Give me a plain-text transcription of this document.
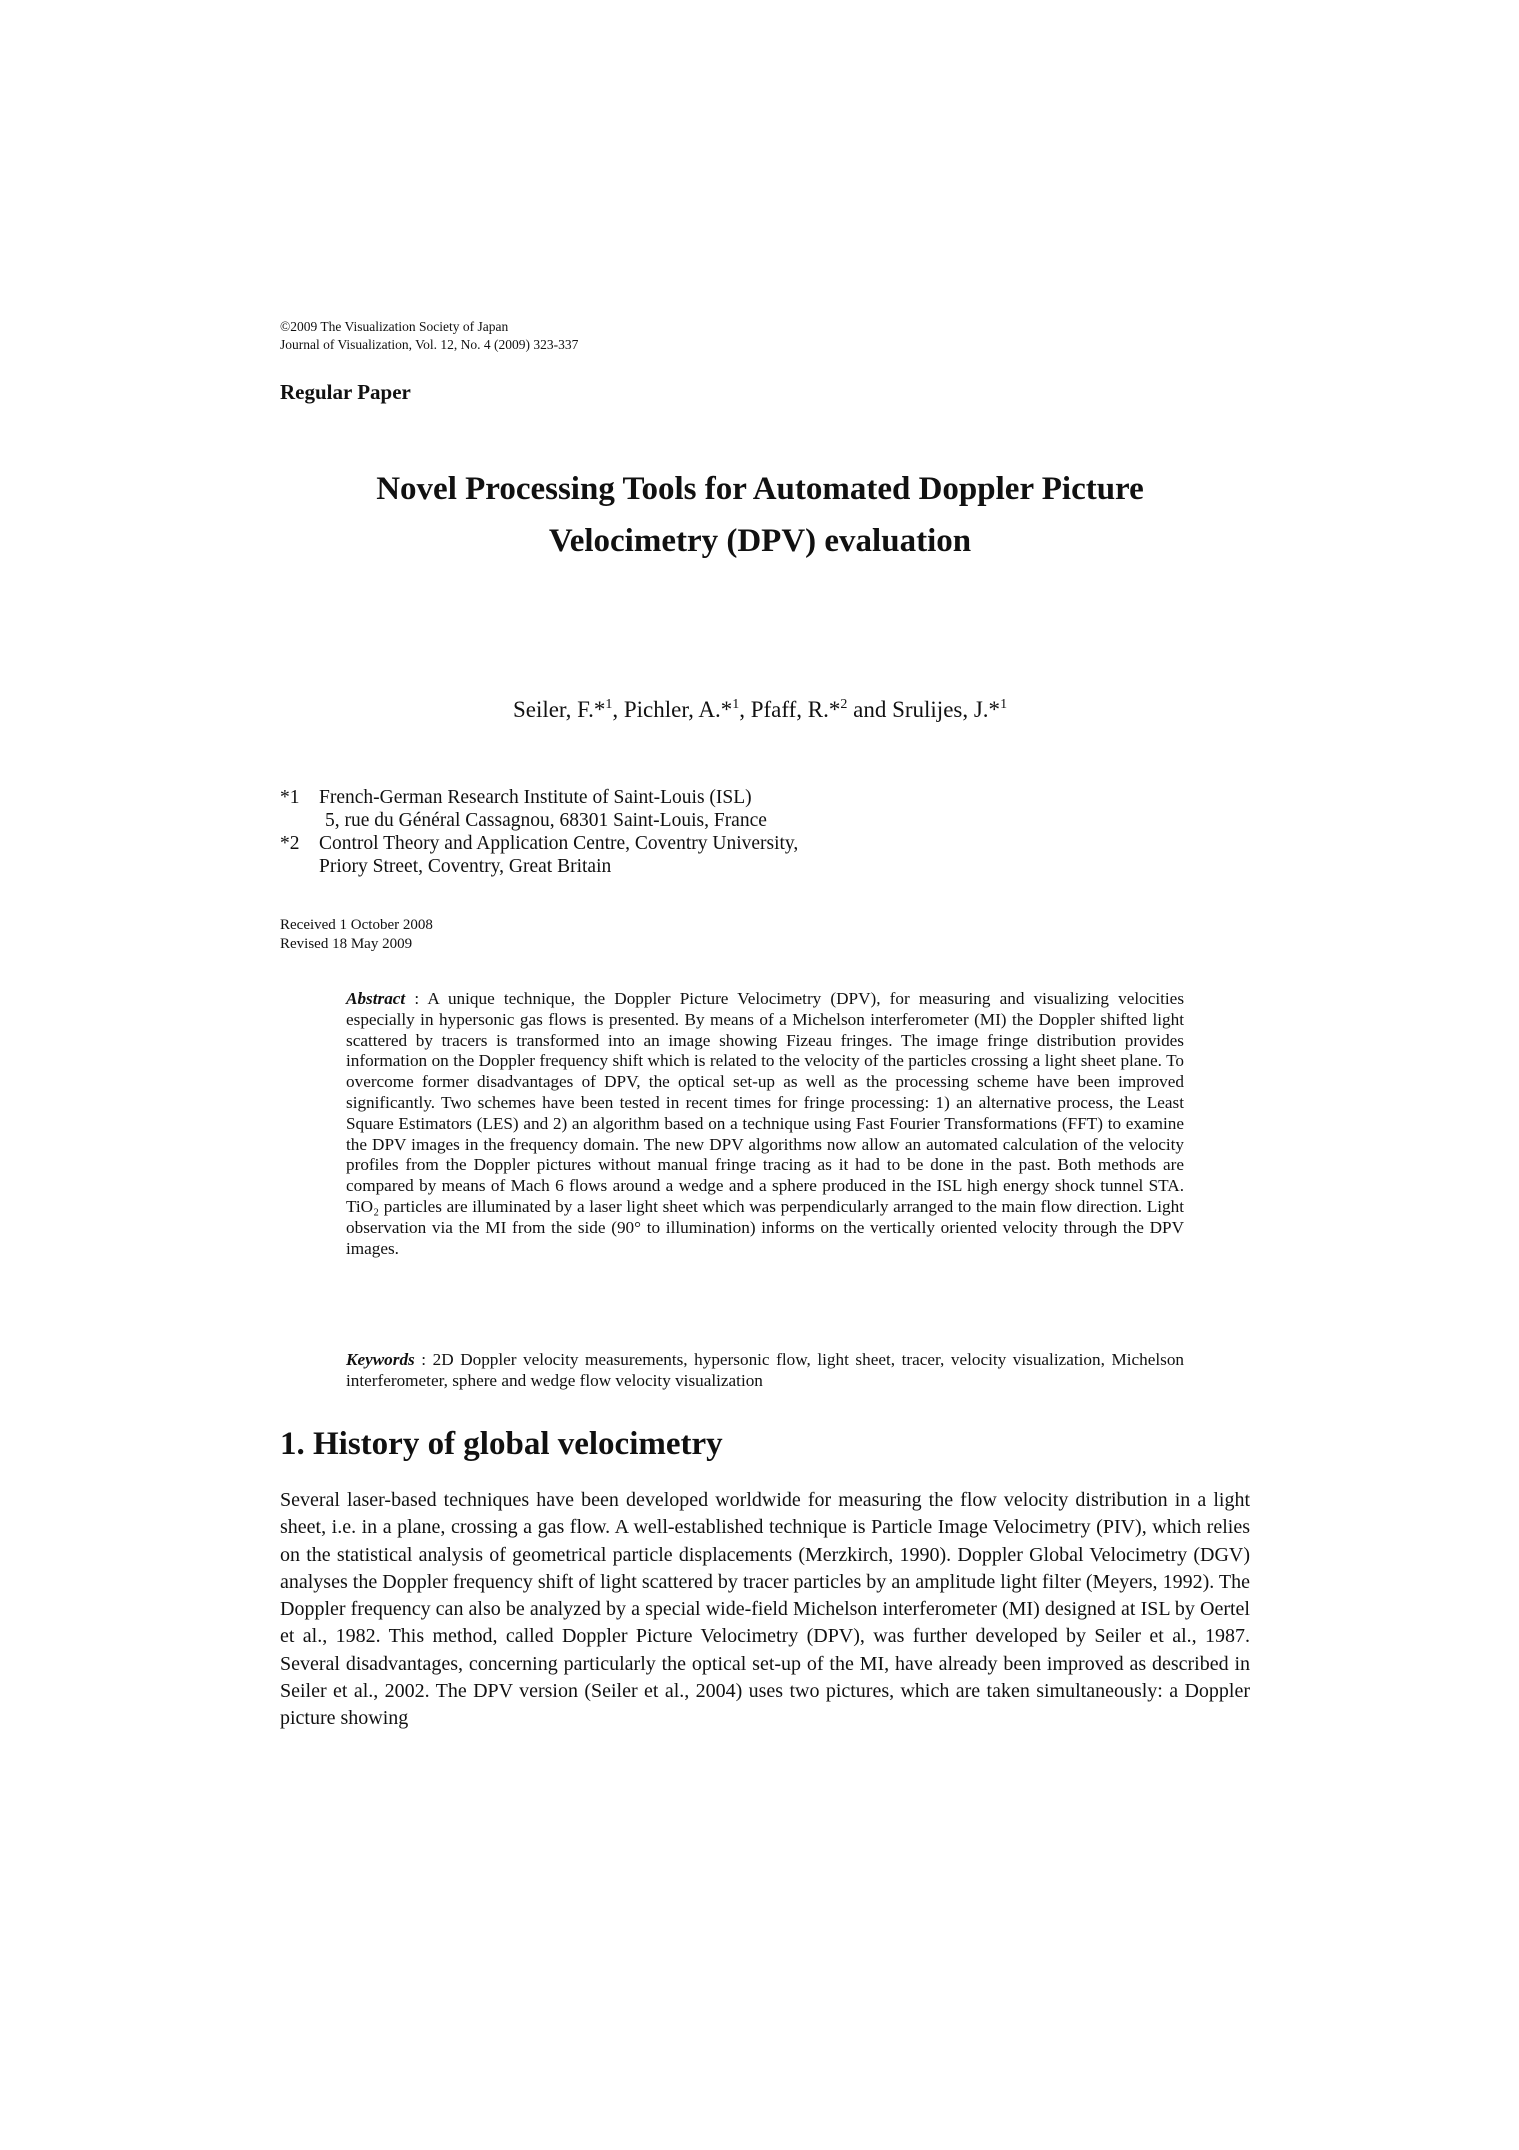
©2009 The Visualization Society of Japan
Journal of Visualization, Vol. 12, No. 4 (2009) 323-337
Regular Paper
Novel Processing Tools for Automated Doppler Picture
Velocimetry (DPV) evaluation
Seiler, F.*$^1$, Pichler, A.*$^1$, Pfaff, R.*$^2$ and Srulijes, J.*$^1$
*1 French-German Research Institute of Saint-Louis (ISL)
5, rue du Général Cassagnou, 68301 Saint-Louis, France
*2 Control Theory and Application Centre, Coventry University,
Priory Street, Coventry, Great Britain
Received 1 October 2008
Revised 18 May 2009
Abstract : A unique technique, the Doppler Picture Velocimetry (DPV), for measuring and visualizing velocities especially in hypersonic gas flows is presented. By means of a Michelson interferometer (MI) the Doppler shifted light scattered by tracers is transformed into an image showing Fizeau fringes. The image fringe distribution provides information on the Doppler frequency shift which is related to the velocity of the particles crossing a light sheet plane. To overcome former disadvantages of DPV, the optical set-up as well as the processing scheme have been improved significantly. Two schemes have been tested in recent times for fringe processing: 1) an alternative process, the Least Square Estimators (LES) and 2) an algorithm based on a technique using Fast Fourier Transformations (FFT) to examine the DPV images in the frequency domain. The new DPV algorithms now allow an automated calculation of the velocity profiles from the Doppler pictures without manual fringe tracing as it had to be done in the past. Both methods are compared by means of Mach 6 flows around a wedge and a sphere produced in the ISL high energy shock tunnel STA. TiO₂ particles are illuminated by a laser light sheet which was perpendicularly arranged to the main flow direction. Light observation via the MI from the side (90° to illumination) informs on the vertically oriented velocity through the DPV images.
Keywords : 2D Doppler velocity measurements, hypersonic flow, light sheet, tracer, velocity visualization, Michelson interferometer, sphere and wedge flow velocity visualization
1. History of global velocimetry
Several laser-based techniques have been developed worldwide for measuring the flow velocity distribution in a light sheet, i.e. in a plane, crossing a gas flow. A well-established technique is Particle Image Velocimetry (PIV), which relies on the statistical analysis of geometrical particle displacements (Merzkirch, 1990). Doppler Global Velocimetry (DGV) analyses the Doppler frequency shift of light scattered by tracer particles by an amplitude light filter (Meyers, 1992). The Doppler frequency can also be analyzed by a special wide-field Michelson interferometer (MI) designed at ISL by Oertel et al., 1982. This method, called Doppler Picture Velocimetry (DPV), was further developed by Seiler et al., 1987. Several disadvantages, concerning particularly the optical set-up of the MI, have already been improved as described in Seiler et al., 2002. The DPV version (Seiler et al., 2004) uses two pictures, which are taken simultaneously: a Doppler picture showing
